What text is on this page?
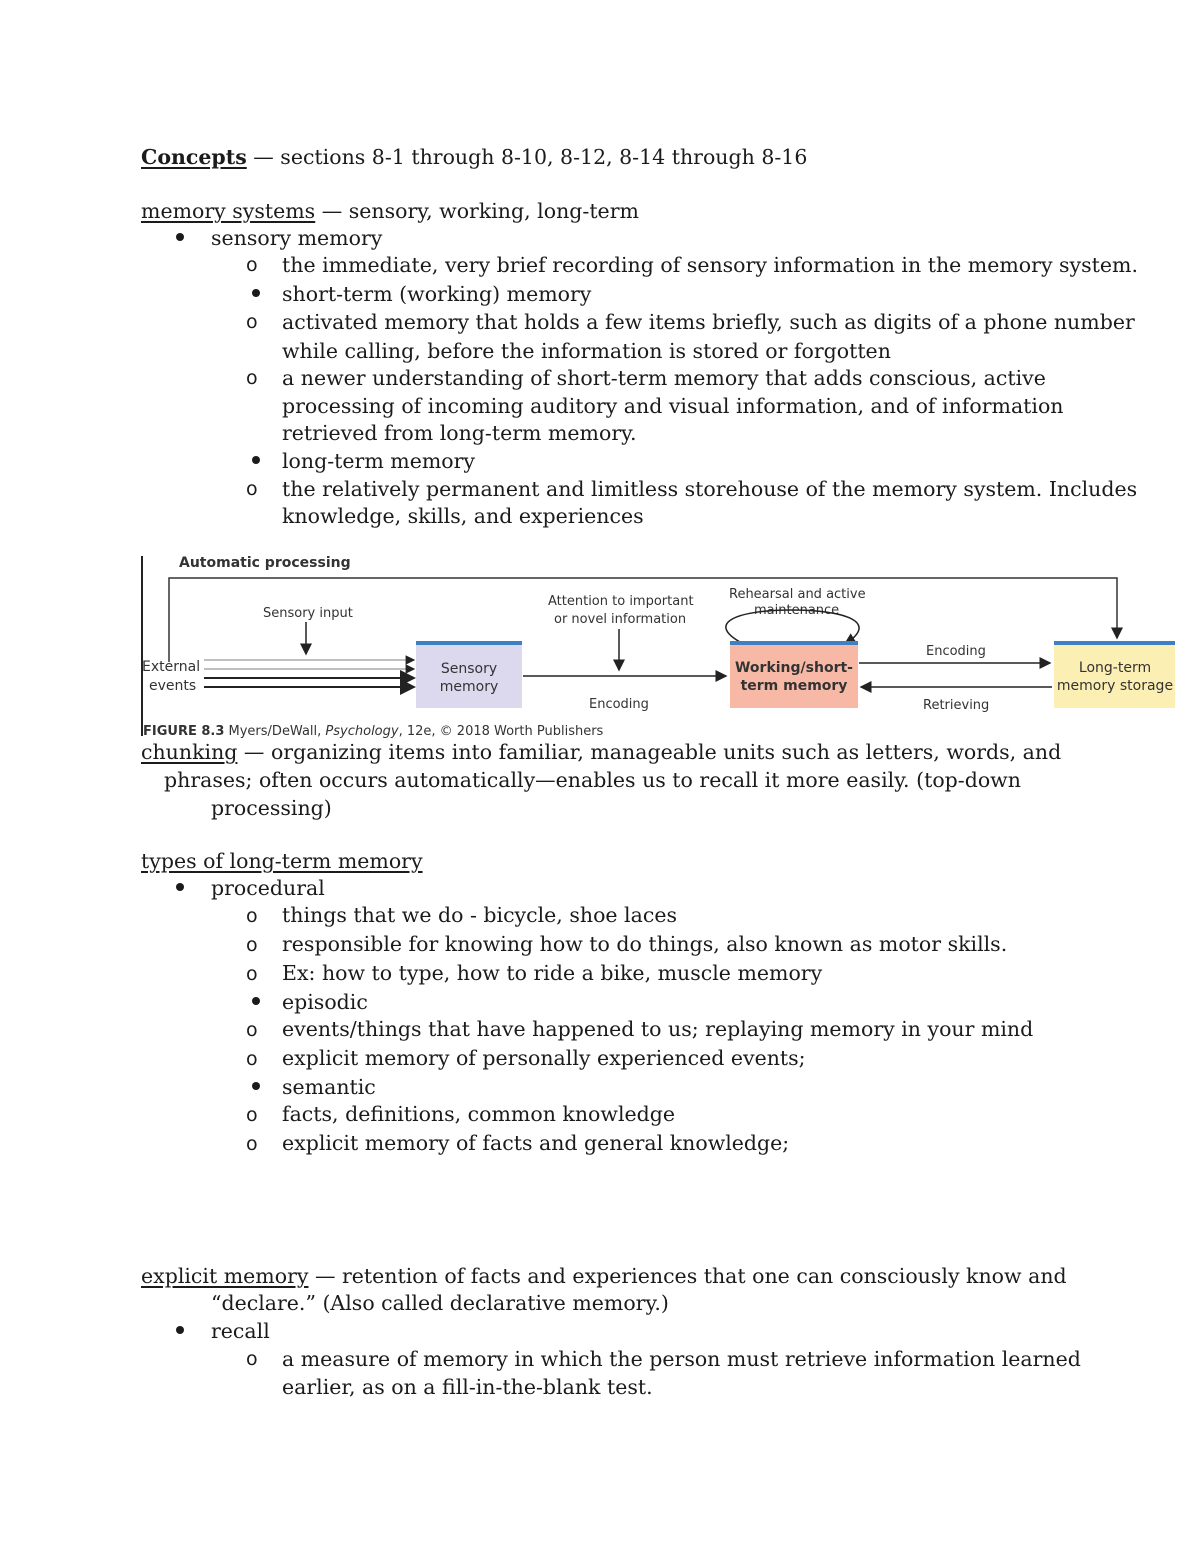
Concepts — sections 8-1 through 8-10, 8-12, 8-14 through 8-16
memory systems — sensory, working, long-term
sensory memory
o the immediate, very brief recording of sensory information in the memory system.
short-term (working) memory
o activated memory that holds a few items briefly, such as digits of a phone number
while calling, before the information is stored or forgotten
o a newer understanding of short-term memory that adds conscious, active
processing of incoming auditory and visual information, and of information
retrieved from long-term memory.
long-term memory
o the relatively permanent and limitless storehouse of the memory system. Includes
knowledge, skills, and experiences
Automatic processing
Sensory input
Attention to important
or novel information
Rehearsal and active
maintenance
External
events
Sensory
memory
Encoding
Working/short-
term memory
Encoding
Retrieving
Long-term
memory storage
FIGURE 8.3 Myers/DeWall, Psychology, 12e, © 2018 Worth Publishers
chunking — organizing items into familiar, manageable units such as letters, words, and
phrases; often occurs automatically—enables us to recall it more easily. (top-down
processing)
types of long-term memory
procedural
o things that we do - bicycle, shoe laces
o responsible for knowing how to do things, also known as motor skills.
o Ex: how to type, how to ride a bike, muscle memory
episodic
o events/things that have happened to us; replaying memory in your mind
o explicit memory of personally experienced events;
semantic
o facts, definitions, common knowledge
o explicit memory of facts and general knowledge;
explicit memory — retention of facts and experiences that one can consciously know and
“declare.” (Also called declarative memory.)
recall
o a measure of memory in which the person must retrieve information learned
earlier, as on a fill-in-the-blank test.
